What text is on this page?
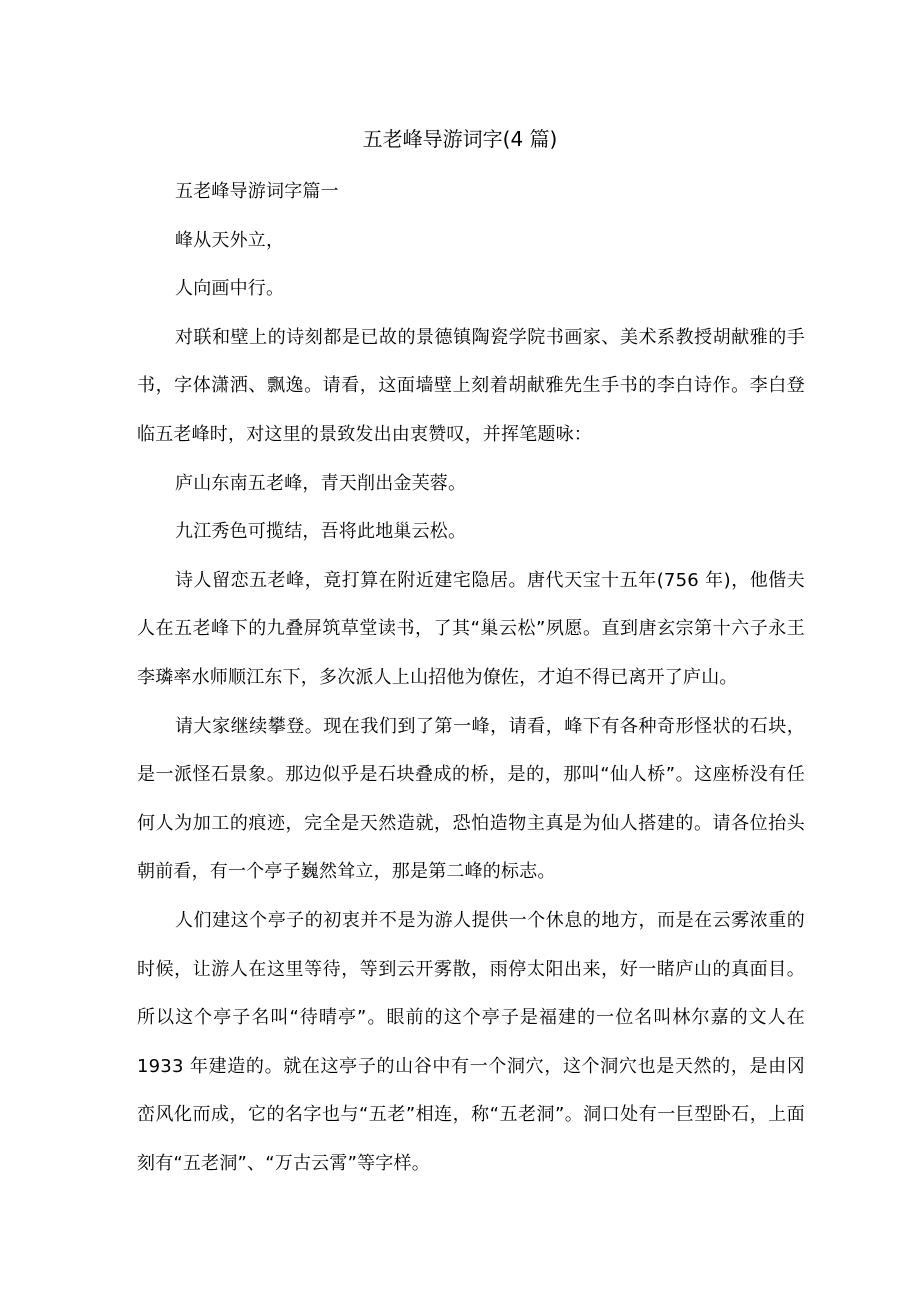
五老峰导游词字(4 篇)

五老峰导游词字篇一

峰从天外立，

人向画中行。

对联和壁上的诗刻都是已故的景德镇陶瓷学院书画家、美术系教授胡献雅的手书，字体潇洒、飘逸。请看，这面墙壁上刻着胡献雅先生手书的李白诗作。李白登临五老峰时，对这里的景致发出由衷赞叹，并挥笔题咏：

庐山东南五老峰，青天削出金芙蓉。

九江秀色可揽结，吾将此地巢云松。

诗人留恋五老峰，竟打算在附近建宅隐居。唐代天宝十五年(756 年)，他偕夫人在五老峰下的九叠屏筑草堂读书，了其“巢云松”夙愿。直到唐玄宗第十六子永王李璘率水师顺江东下，多次派人上山招他为僚佐，才迫不得已离开了庐山。

请大家继续攀登。现在我们到了第一峰，请看，峰下有各种奇形怪状的石块，是一派怪石景象。那边似乎是石块叠成的桥，是的，那叫“仙人桥”。这座桥没有任何人为加工的痕迹，完全是天然造就，恐怕造物主真是为仙人搭建的。请各位抬头朝前看，有一个亭子巍然耸立，那是第二峰的标志。

人们建这个亭子的初衷并不是为游人提供一个休息的地方，而是在云雾浓重的时候，让游人在这里等待，等到云开雾散，雨停太阳出来，好一睹庐山的真面目。所以这个亭子名叫“待晴亭”。眼前的这个亭子是福建的一位名叫林尔嘉的文人在 1933 年建造的。就在这亭子的山谷中有一个洞穴，这个洞穴也是天然的，是由冈峦风化而成，它的名字也与“五老”相连，称“五老洞”。洞口处有一巨型卧石，上面刻有“五老洞”、“万古云霄”等字样。
